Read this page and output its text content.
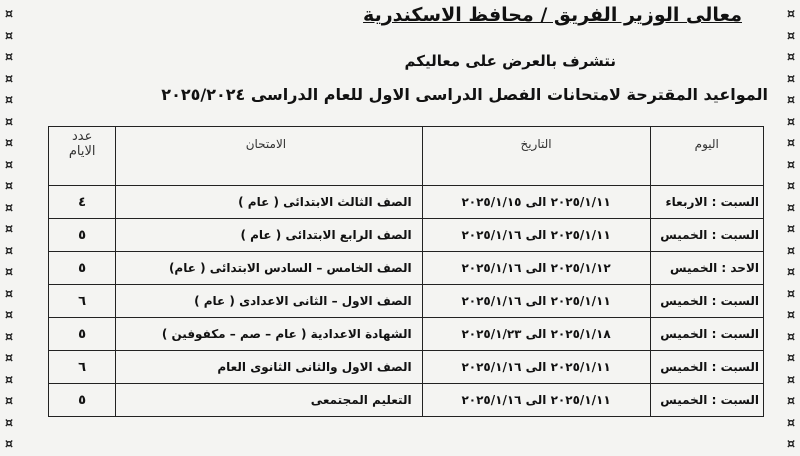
¤
¤
¤
¤
¤
¤
¤
¤
¤
¤
¤
¤
¤
¤
¤
¤
¤
¤
¤
¤
¤
¤
¤
¤
¤
¤
¤
¤
¤
¤
¤
¤
¤
¤
¤
¤
¤
¤
¤
¤
¤
¤
معالى الوزير الفريق / محافظ الاسكندرية
نتشرف بالعرض على معاليكم
المواعيد المقترحة لامتحانات الفصل الدراسى الاول للعام الدراسى ٢٠٢٥/٢٠٢٤
اليوم	التاريخ	الامتحان	عدد
الايام
السبت : الاربعاء	٢٠٢٥/١/١١ الى ٢٠٢٥/١/١٥	الصف الثالث الابتدائى ( عام )	٤
السبت : الخميس	٢٠٢٥/١/١١ الى ٢٠٢٥/١/١٦	الصف الرابع الابتدائى ( عام )	٥
الاحد : الخميس	٢٠٢٥/١/١٢ الى ٢٠٢٥/١/١٦	الصف الخامس – السادس الابتدائى ( عام)	٥
السبت : الخميس	٢٠٢٥/١/١١ الى ٢٠٢٥/١/١٦	الصف الاول – الثانى الاعدادى ( عام )	٦
السبت : الخميس	٢٠٢٥/١/١٨ الى ٢٠٢٥/١/٢٣	الشهادة الاعدادية ( عام – صم – مكفوفين )	٥
السبت : الخميس	٢٠٢٥/١/١١ الى ٢٠٢٥/١/١٦	الصف الاول والثانى الثانوى العام	٦
السبت : الخميس	٢٠٢٥/١/١١ الى ٢٠٢٥/١/١٦	التعليم المجتمعى	٥
